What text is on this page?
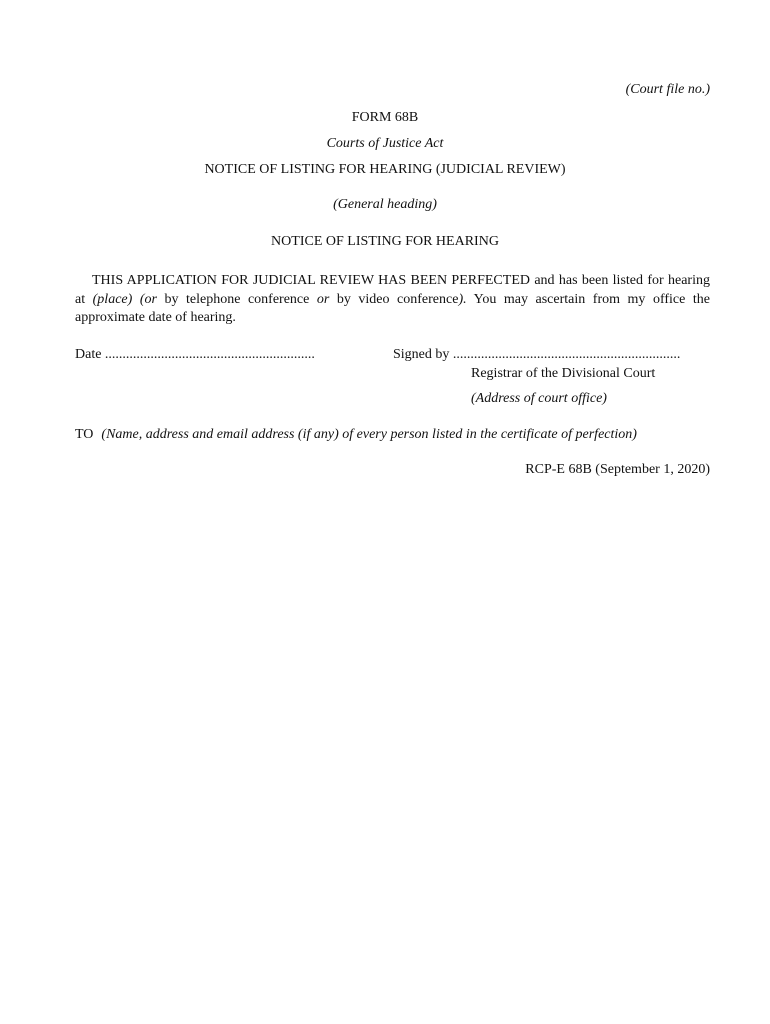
(Court file no.)
FORM 68B
Courts of Justice Act
NOTICE OF LISTING FOR HEARING (JUDICIAL REVIEW)
(General heading)
NOTICE OF LISTING FOR HEARING
THIS APPLICATION FOR JUDICIAL REVIEW HAS BEEN PERFECTED and has been listed for hearing at (place) (or by telephone conference or by video conference). You may ascertain from my office the approximate date of hearing.
Date ............................................................	Signed by .................................................................
Registrar of the Divisional Court
(Address of court office)
TO (Name, address and email address (if any) of every person listed in the certificate of perfection)
RCP-E 68B (September 1, 2020)
